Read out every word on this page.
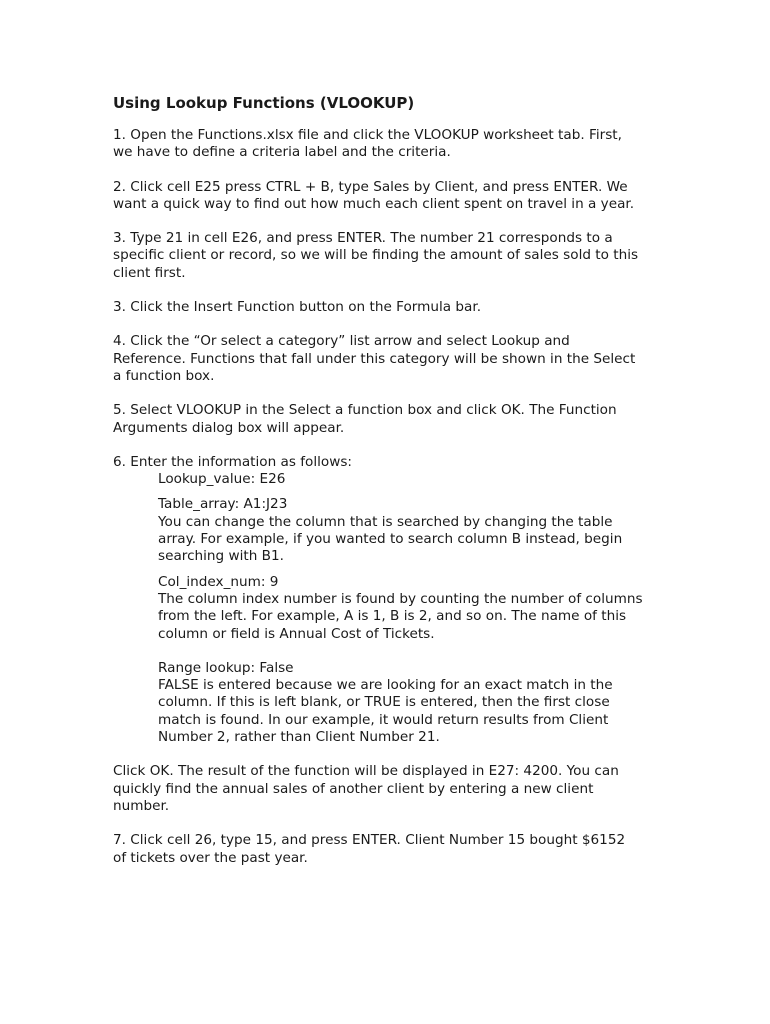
Using Lookup Functions (VLOOKUP)
1. Open the Functions.xlsx file and click the VLOOKUP worksheet tab. First,
we have to define a criteria label and the criteria.
2. Click cell E25 press CTRL + B, type Sales by Client, and press ENTER. We
want a quick way to find out how much each client spent on travel in a year.
3. Type 21 in cell E26, and press ENTER. The number 21 corresponds to a
specific client or record, so we will be finding the amount of sales sold to this
client first.
3. Click the Insert Function button on the Formula bar.
4. Click the “Or select a category” list arrow and select Lookup and
Reference. Functions that fall under this category will be shown in the Select
a function box.
5. Select VLOOKUP in the Select a function box and click OK. The Function
Arguments dialog box will appear.
6. Enter the information as follows:
Lookup_value: E26
Table_array: A1:J23
You can change the column that is searched by changing the table
array. For example, if you wanted to search column B instead, begin
searching with B1.
Col_index_num: 9
The column index number is found by counting the number of columns
from the left. For example, A is 1, B is 2, and so on. The name of this
column or field is Annual Cost of Tickets.
Range lookup: False
FALSE is entered because we are looking for an exact match in the
column. If this is left blank, or TRUE is entered, then the first close
match is found. In our example, it would return results from Client
Number 2, rather than Client Number 21.
Click OK. The result of the function will be displayed in E27: 4200. You can
quickly find the annual sales of another client by entering a new client
number.
7. Click cell 26, type 15, and press ENTER. Client Number 15 bought $6152
of tickets over the past year.
